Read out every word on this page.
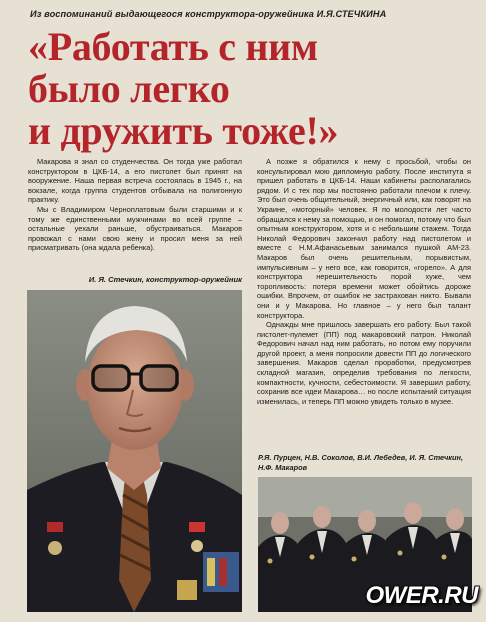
Из воспоминаний выдающегося конструктора-оружейника И.Я.СТЕЧКИНА
«Работать с ним
было легко
и дружить тоже!»

Макарова я знал со студенчества. Он тогда уже работал конструктором в ЦКБ-14, а его пистолет был принят на вооружение. Наша первая встреча состоялась в 1945 г., на вокзале, когда группа студентов отбывала на полигонную практику.

Мы с Владимиром Черноплатовым были старшими и к тому же единственными мужчинами во всей группе – остальные уехали раньше, обустраиваться. Макаров провожал с нами свою жену и просил меня за ней присматривать (она ждала ребенка).

И. Я. Стечкин, конструктор-оружейник

А позже я обратился к нему с просьбой, чтобы он консультировал мою дипломную работу. После института я пришел работать в ЦКБ-14. Наши кабинеты располагались рядом. И с тех пор мы постоянно работали плечом к плечу. Это был очень общительный, энергичный или, как говорят на Украине, «моторный» человек. Я по молодости лет часто обращался к нему за помощью, и он помогал, потому что был опытным конструктором, хотя и с небольшим стажем. Тогда Николай Федорович закончил работу над пистолетом и вместе с Н.М.Афанасьевым занимался пушкой АМ-23. Макаров был очень решительным, порывистым, импульсивным – у него все, как говорится, «горело». А для конструктора нерешительность порой хуже, чем торопливость: потеря времени может обойтись дороже ошибки. Впрочем, от ошибок не застрахован никто. Бывали они и у Макарова. Но главное – у него был талант конструктора.

Однажды мне пришлось завершать его работу. Был такой пистолет-пулемет (ПП) под макаровский патрон. Николай Федорович начал над ним работать, но потом ему поручили другой проект, а меня попросили довести ПП до логического завершения. Макаров сделал проработки, предусмотрев складной магазин, определив требования по легкости, компактности, кучности, себестоимости. Я завершил работу, сохранив все идеи Макарова… но после испытаний ситуация изменилась, и теперь ПП можно увидеть только в музее.

Р.Я. Пурцен, Н.В. Соколов, В.И. Лебедев, И. Я. Стечкин, Н.Ф. Макаров
OWER.RU
